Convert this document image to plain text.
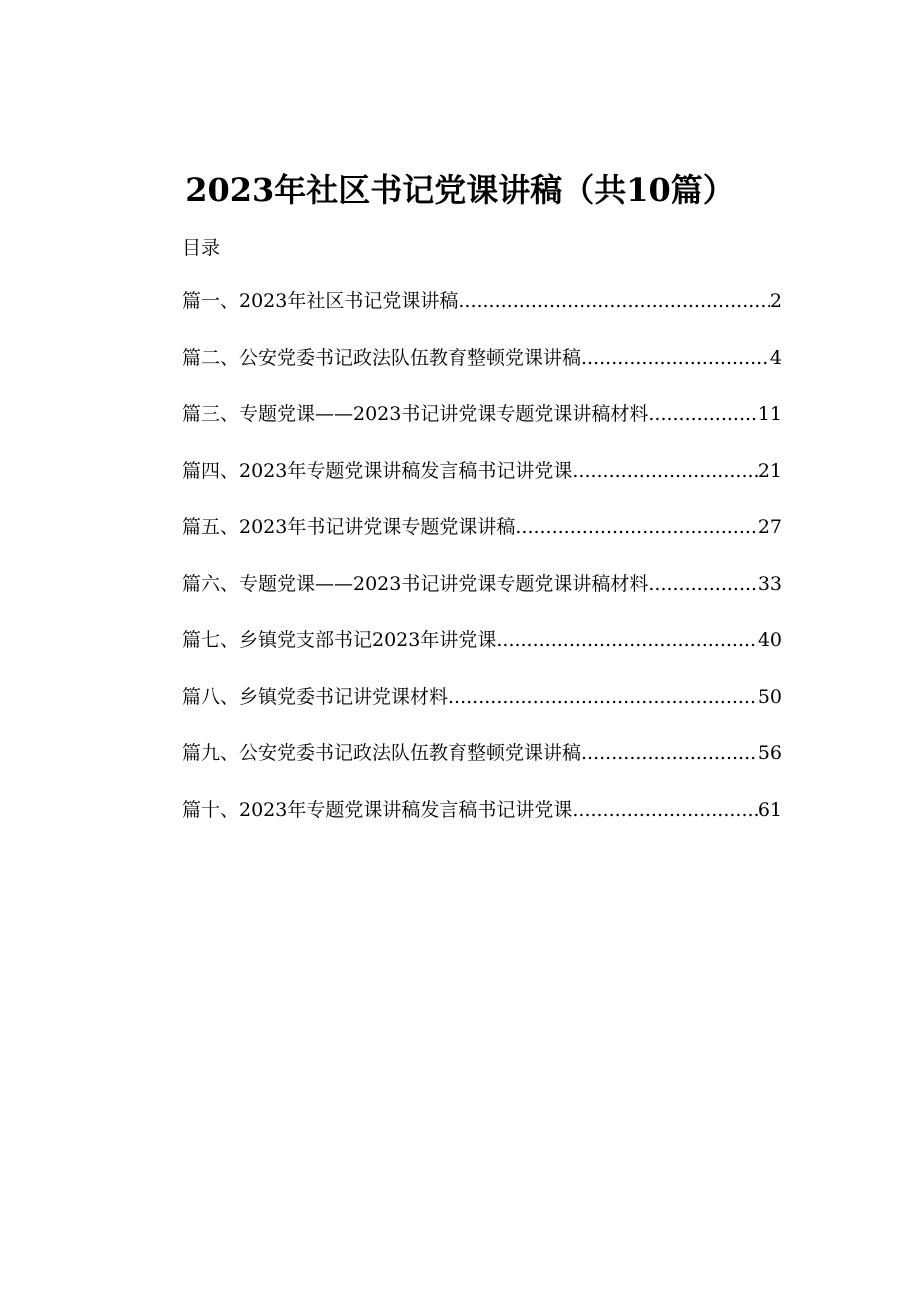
2023年社区书记党课讲稿（共10篇）
目录
篇一、2023年社区书记党课讲稿 .....	2
篇二、公安党委书记政法队伍教育整顿党课讲稿 .....	4
篇三、专题党课——2023书记讲党课专题党课讲稿材料 .....	11
篇四、2023年专题党课讲稿发言稿书记讲党课 .....	21
篇五、2023年书记讲党课专题党课讲稿 .....	27
篇六、专题党课——2023书记讲党课专题党课讲稿材料 .....	33
篇七、乡镇党支部书记2023年讲党课 .....	40
篇八、乡镇党委书记讲党课材料 .....	50
篇九、公安党委书记政法队伍教育整顿党课讲稿 .....	56
篇十、2023年专题党课讲稿发言稿书记讲党课 .....	61
